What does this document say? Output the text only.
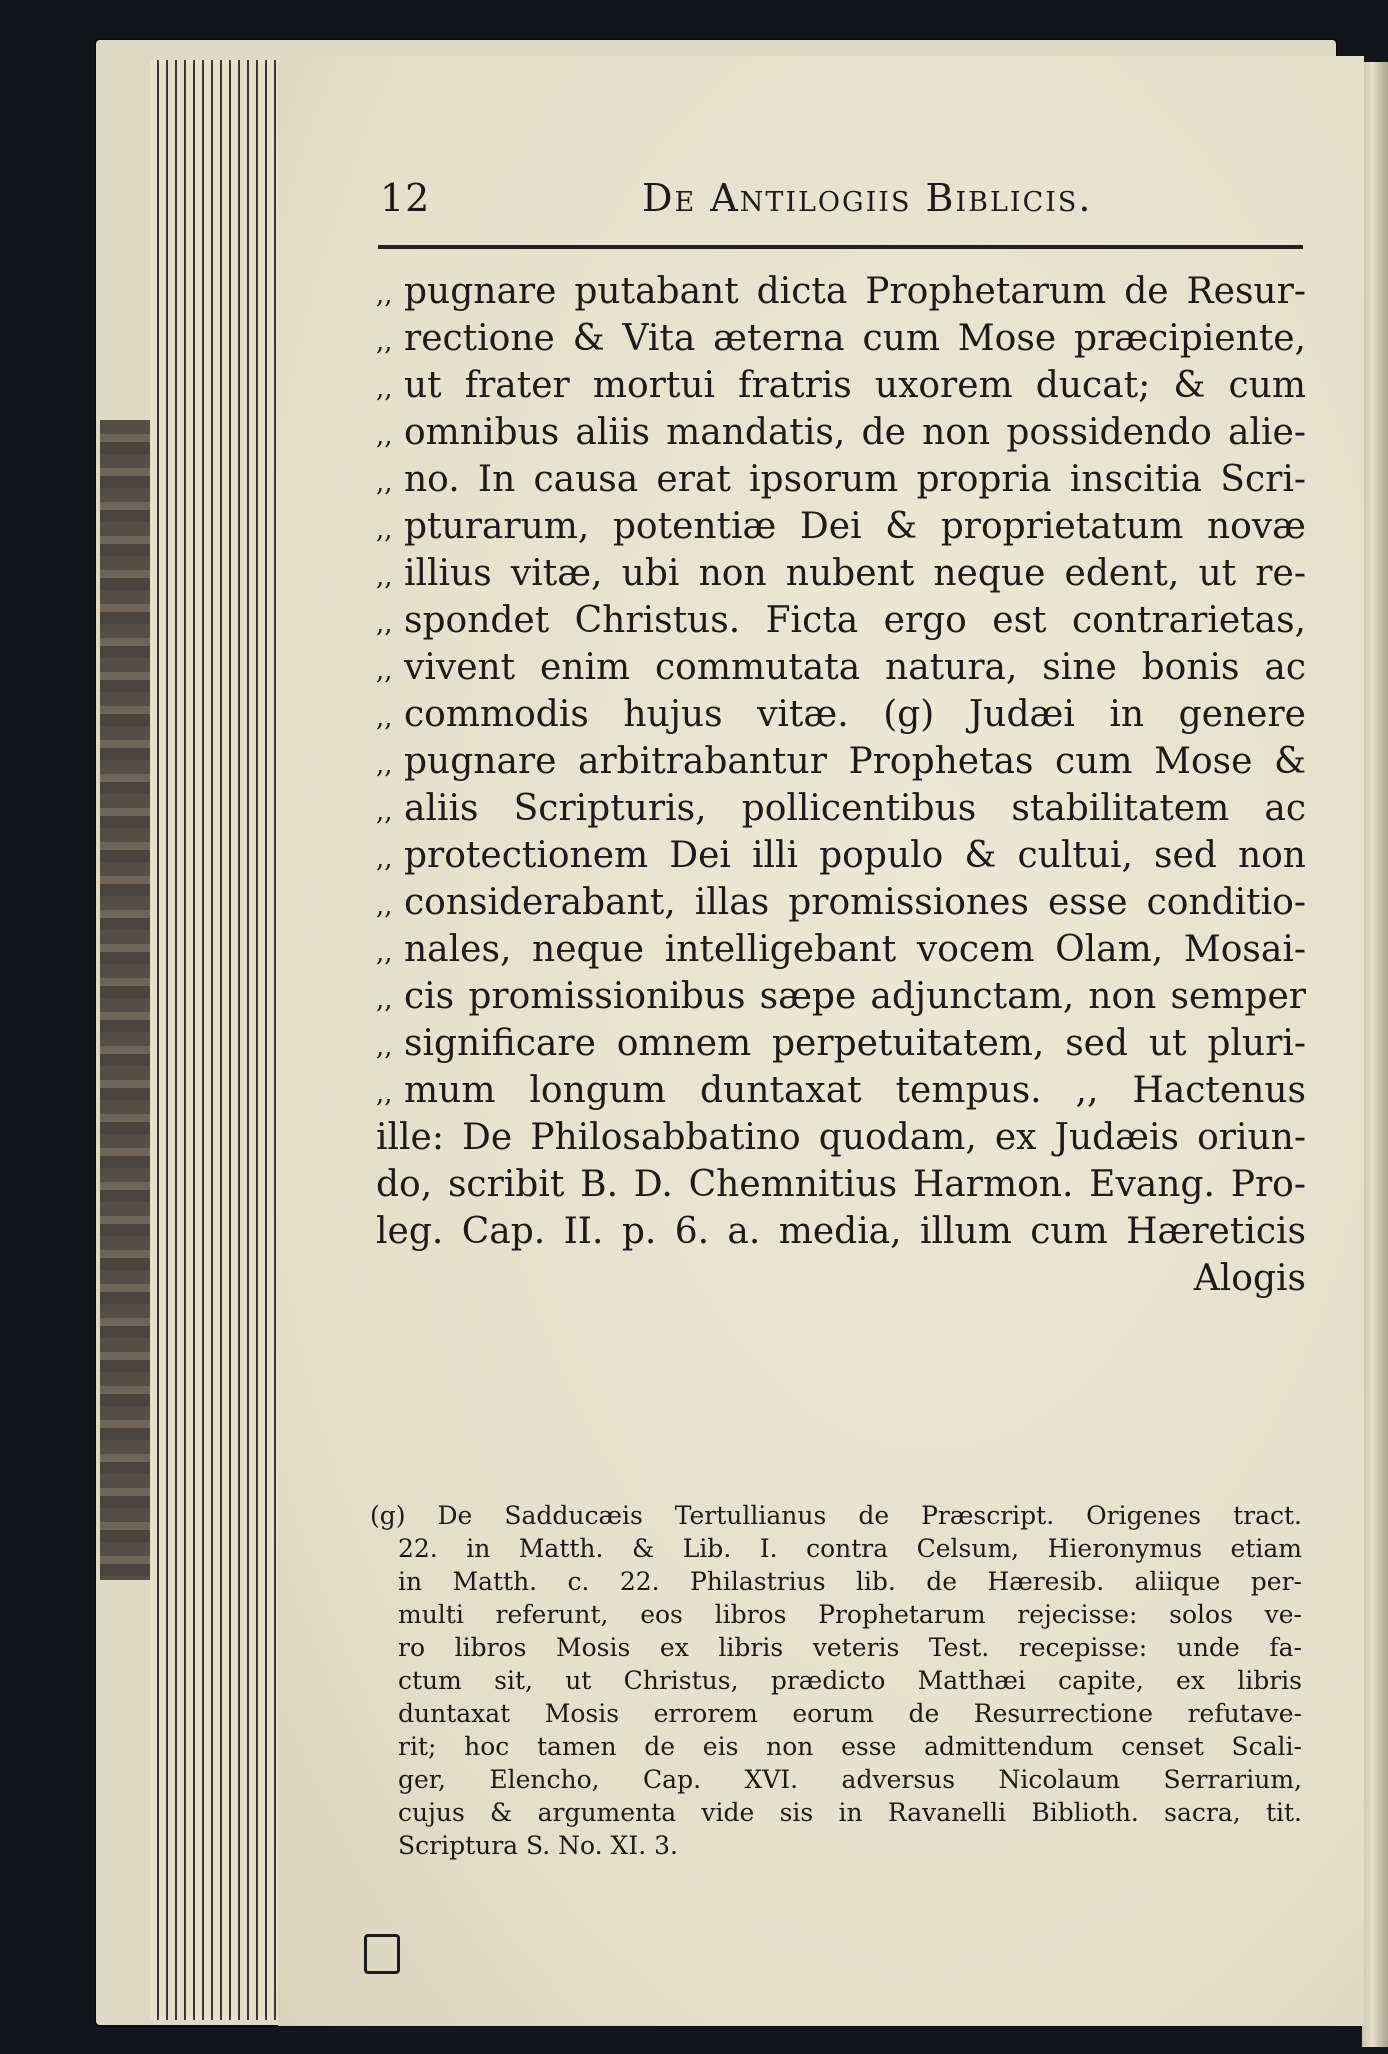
12	De Antilogiis Biblicis.
,, pugnare putabant dicta Prophetarum de Resur-
,, rectione & Vita æterna cum Mose præcipiente,
,, ut frater mortui fratris uxorem ducat; & cum
,, omnibus aliis mandatis, de non possidendo alie-
,, no. In causa erat ipsorum propria inscitia Scri-
,, pturarum, potentiæ Dei & proprietatum novæ
,, illius vitæ, ubi non nubent neque edent, ut re-
,, spondet Christus. Ficta ergo est contrarietas,
,, vivent enim commutata natura, sine bonis ac
,, commodis hujus vitæ. (g) Judæi in genere
,, pugnare arbitrabantur Prophetas cum Mose &
,, aliis Scripturis, pollicentibus stabilitatem ac
,, protectionem Dei illi populo & cultui, sed non
,, considerabant, illas promissiones esse conditio-
,, nales, neque intelligebant vocem Olam, Mosai-
,, cis promissionibus sæpe adjunctam, non semper
,, significare omnem perpetuitatem, sed ut pluri-
,, mum longum duntaxat tempus. ,, Hactenus
ille: De Philosabbatino quodam, ex Judæis oriun-
do, scribit B. D. Chemnitius Harmon. Evang. Pro-
leg. Cap. II. p. 6. a. media, illum cum Hæreticis
Alogis
(g) De Sadducæis Tertullianus de Præscript. Origenes tract.
22. in Matth. & Lib. I. contra Celsum, Hieronymus etiam
in Matth. c. 22. Philastrius lib. de Hæresib. aliique per-
multi referunt, eos libros Prophetarum rejecisse: solos ve-
ro libros Mosis ex libris veteris Test. recepisse: unde fa-
ctum sit, ut Christus, prædicto Matthæi capite, ex libris
duntaxat Mosis errorem eorum de Resurrectione refutave-
rit; hoc tamen de eis non esse admittendum censet Scali-
ger, Elencho, Cap. XVI. adversus Nicolaum Serrarium,
cujus & argumenta vide sis in Ravanelli Biblioth. sacra, tit.
Scriptura S. No. XI. 3.
